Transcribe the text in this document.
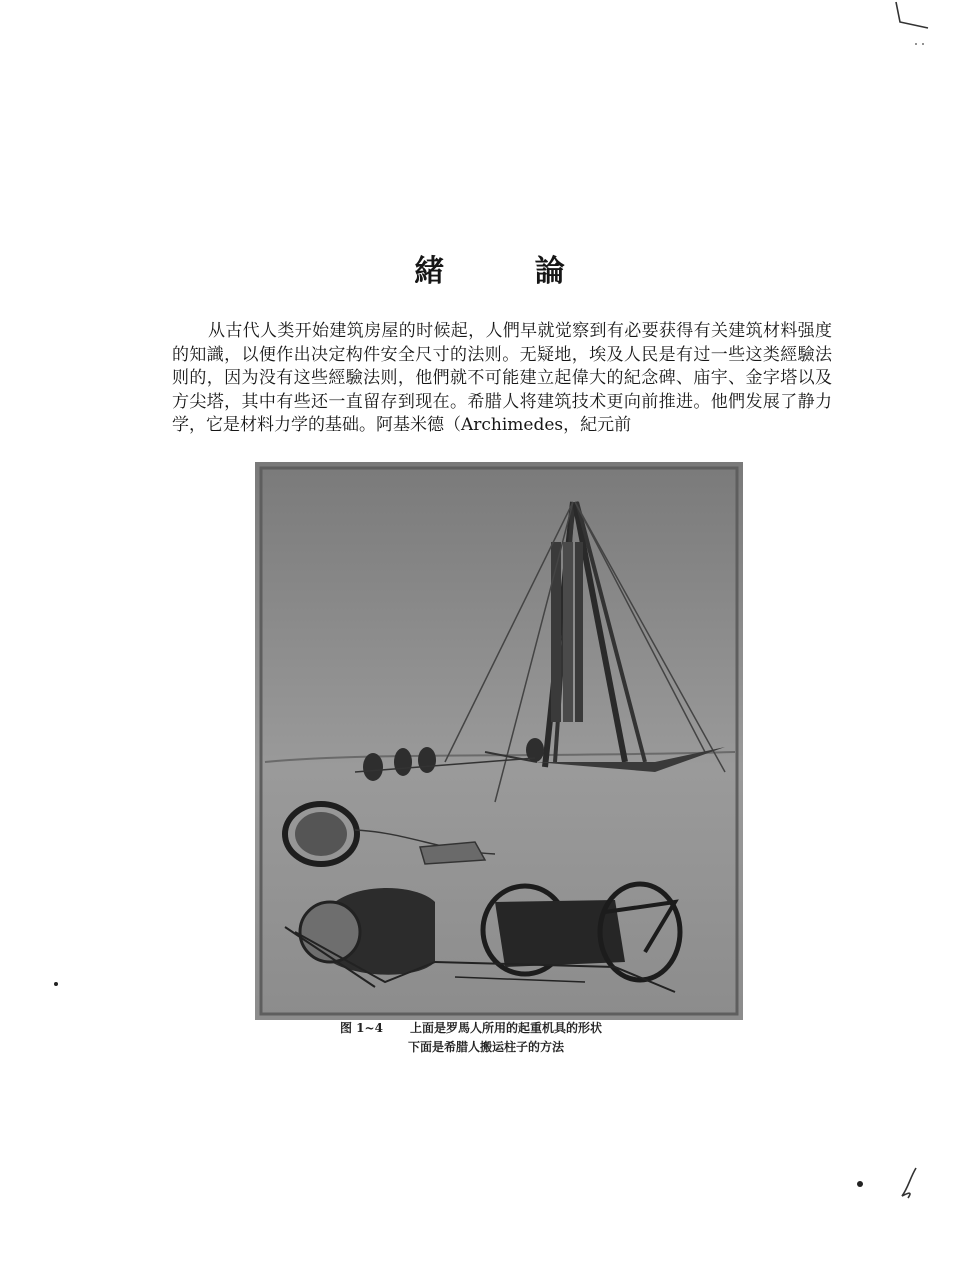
緒 論

从古代人类开始建筑房屋的时候起，人們早就觉察到有必要获得有关建筑材料强度的知識，以便作出决定构件安全尺寸的法则。无疑地，埃及人民是有过一些这类經驗法则的，因为没有这些經驗法则，他們就不可能建立起偉大的紀念碑、庙宇、金字塔以及方尖塔，其中有些还一直留存到现在。希腊人将建筑技术更向前推进。他們发展了静力学，它是材料力学的基础。阿基米德（Archimedes，紀元前

图 1~4 上面是罗馬人所用的起重机具的形状
下面是希腊人搬运柱子的方法
